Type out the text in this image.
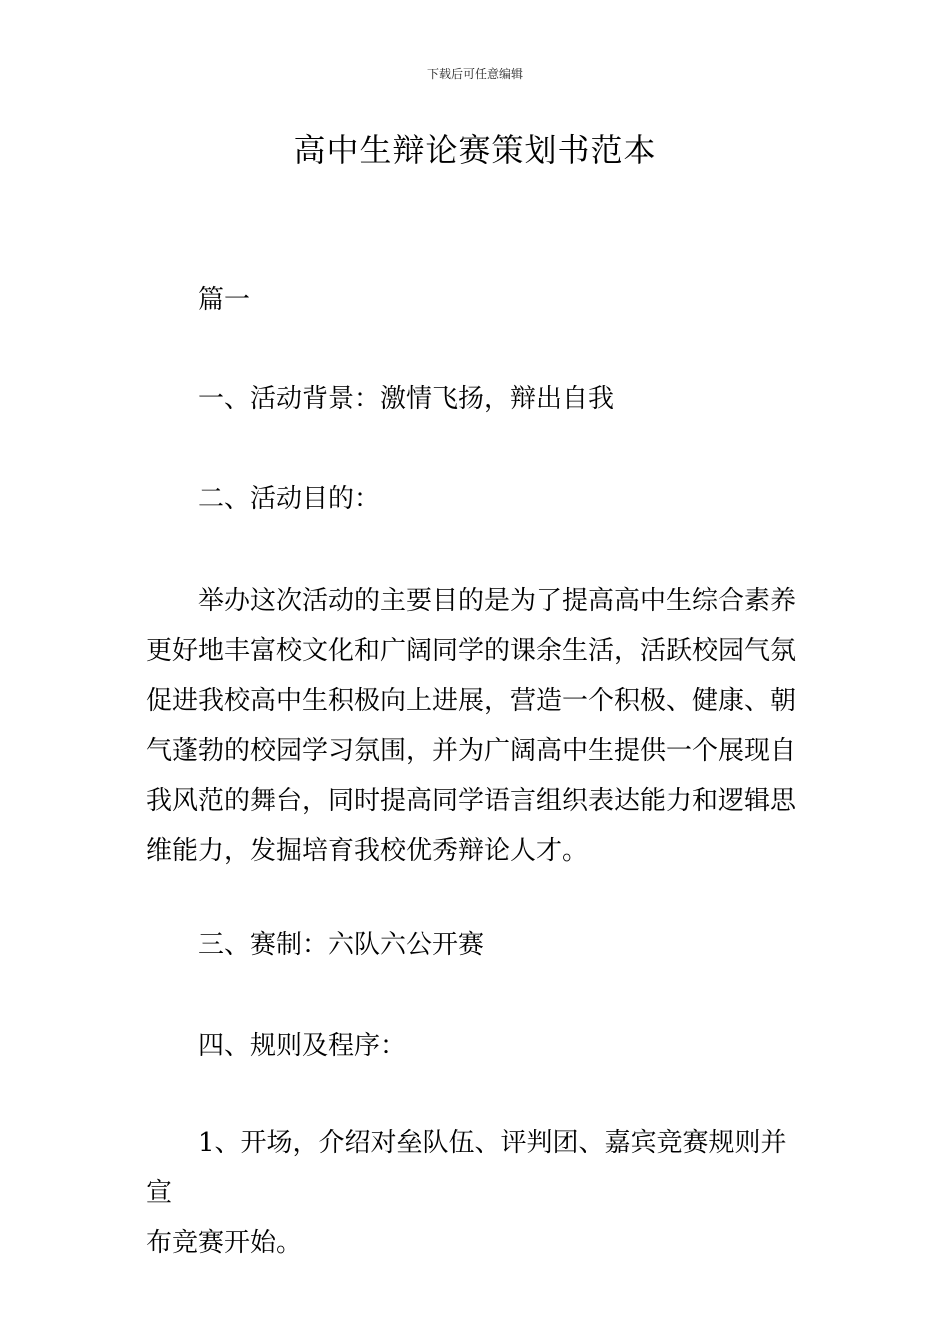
下载后可任意编辑
高中生辩论赛策划书范本

篇一

一、活动背景：激情飞扬，辩出自我

二、活动目的：

举办这次活动的主要目的是为了提高高中生综合素养
更好地丰富校文化和广阔同学的课余生活，活跃校园气氛
促进我校高中生积极向上进展，营造一个积极、健康、朝
气蓬勃的校园学习氛围，并为广阔高中生提供一个展现自
我风范的舞台，同时提高同学语言组织表达能力和逻辑思
维能力，发掘培育我校优秀辩论人才。

三、赛制：六队六公开赛

四、规则及程序：

1、开场，介绍对垒队伍、评判团、嘉宾竞赛规则并宣
布竞赛开始。
